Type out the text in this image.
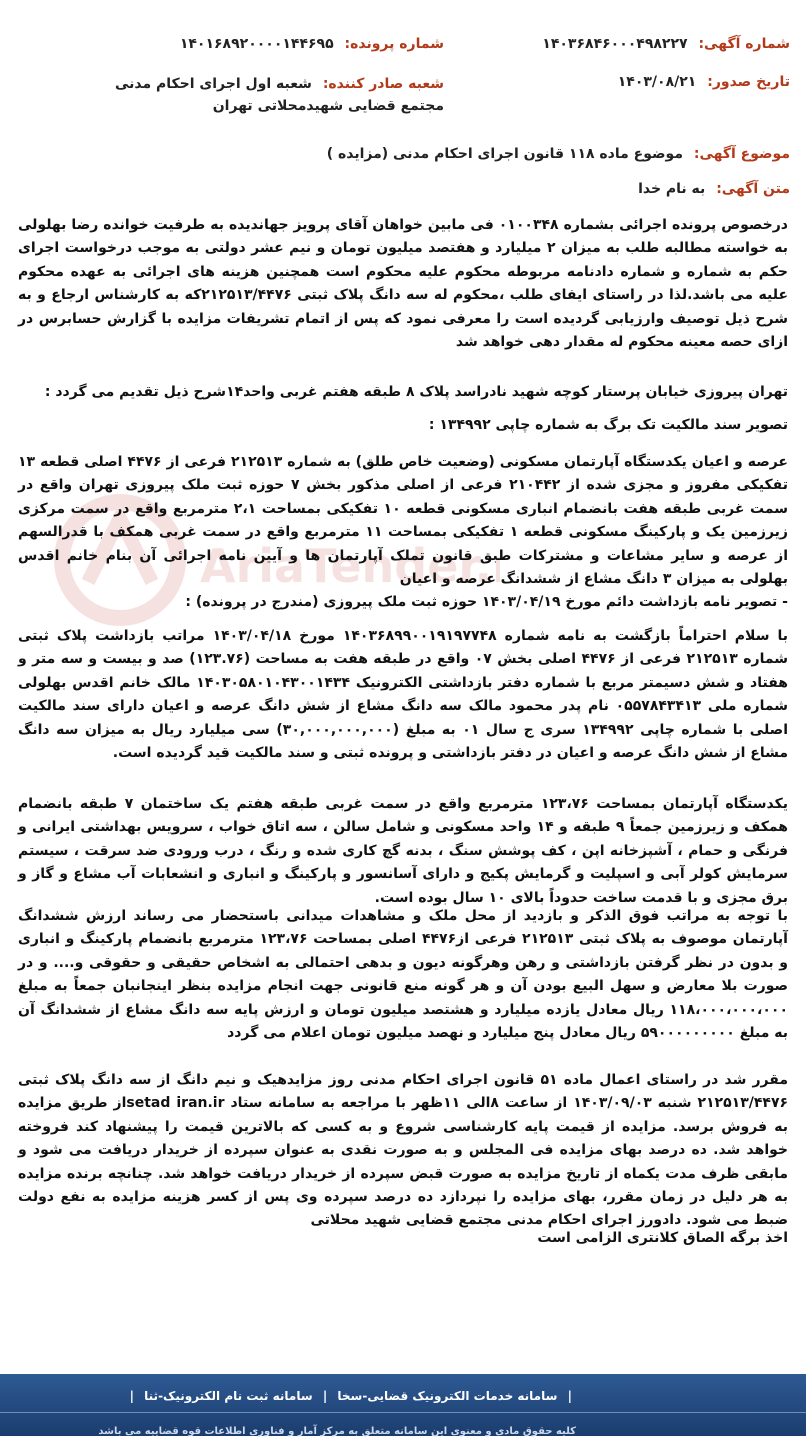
AriaTender.
شماره آگهی: ۱۴۰۳۶۸۴۶۰۰۰۴۹۸۲۲۷
شماره پرونده: ۱۴۰۱۶۸۹۲۰۰۰۰۱۴۴۶۹۵
تاریخ صدور: ۱۴۰۳/۰۸/۲۱
شعبه صادر کننده: شعبه اول اجرای احکام مدنی مجتمع قضایی شهیدمحلاتی تهران
موضوع آگهی: موضوع ماده ۱۱۸ قانون اجرای احکام مدنی (مزایده )
متن آگهی: به نام خدا
درخصوص پرونده اجرائی بشماره ۰۱۰۰۳۴۸ فی مابین خواهان آقای پرویز جهاندیده به طرفیت خوانده رضا بهلولی به خواسته مطالبه طلب به میزان ۲ میلیارد و هفتصد میلیون تومان و نیم عشر دولتی به موجب درخواست اجرای حکم به شماره و شماره دادنامه مربوطه محکوم علیه محکوم است همچنین هزینه های اجرائی به عهده محکوم علیه می باشد.لذا در راستای ایفای طلب ،محکوم له سه دانگ پلاک ثبتی ۲۱۲۵۱۳/۴۴۷۶که به کارشناس ارجاع و به شرح ذیل توصیف وارزیابی گردیده است را معرفی نمود که پس از اتمام تشریفات مزایده با گزارش حسابرس در ازای حصه معینه محکوم له مقدار دهی خواهد شد
تهران پیروزی خیابان پرستار کوچه شهید نادراسد پلاک ۸ طبقه هفتم غربی واحد۱۴شرح ذیل تقدیم می گردد :
تصویر سند مالکیت تک برگ به شماره چاپی ۱۳۴۹۹۲ :
عرصه و اعیان یکدستگاه آپارتمان مسکونی (وضعیت خاص طلق) به شماره ۲۱۲۵۱۳ فرعی از ۴۴۷۶ اصلی قطعه ۱۳ تفکیکی مفروز و مجزی شده از ۲۱۰۴۴۲ فرعی از اصلی مذکور بخش ۷ حوزه ثبت ملک پیروزی تهران واقع در سمت غربی طبقه هفت بانضمام انباری مسکونی قطعه ۱۰ تفکیکی بمساحت ۲،۱ مترمربع واقع در سمت مرکزی زیرزمین یک و پارکینگ مسکونی قطعه ۱ تفکیکی بمساحت ۱۱ مترمربع واقع در سمت غربی همکف با قدرالسهم از عرصه و سایر مشاعات و مشترکات طبق قانون تملک آپارتمان ها و آیین نامه اجرائی آن بنام خانم اقدس بهلولی به میزان ۳ دانگ مشاع از ششدانگ عرصه و اعیان
- تصویر نامه بازداشت دائم مورخ ۱۴۰۳/۰۴/۱۹ حوزه ثبت ملک پیروزی (مندرج در پرونده) :
با سلام احتراماً بازگشت به نامه شماره ۱۴۰۳۶۸۹۹۰۰۱۹۱۹۷۷۴۸ مورخ ۱۴۰۳/۰۴/۱۸ مراتب بازداشت پلاک ثبتی شماره ۲۱۲۵۱۳ فرعی از ۴۴۷۶ اصلی بخش ۰۷ واقع در طبقه هفت به مساحت (۱۲۳.۷۶) صد و بیست و سه متر و هفتاد و شش دسیمتر مربع با شماره دفتر بازداشتی الکترونیک ۱۴۰۳۰۵۸۰۱۰۴۳۰۰۱۴۳۴ مالک خانم اقدس بهلولی شماره ملی ۰۵۵۷۸۴۳۴۱۳ نام پدر محمود مالک سه دانگ مشاع از شش دانگ عرصه و اعیان دارای سند مالکیت اصلی با شماره چاپی ۱۳۴۹۹۲ سری ج سال ۰۱ به مبلغ (۳۰,۰۰۰,۰۰۰,۰۰۰) سی میلیارد ریال به میزان سه دانگ مشاع از شش دانگ عرصه و اعیان در دفتر بازداشتی و پرونده ثبتی و سند مالکیت قید گردیده است.
یکدستگاه آپارتمان بمساحت ۱۲۳،۷۶ مترمربع واقع در سمت غربی طبقه هفتم یک ساختمان ۷ طبقه بانضمام همکف و زیرزمین جمعاً ۹ طبقه و ۱۴ واحد مسکونی و شامل سالن ، سه اتاق خواب ، سرویس بهداشتی ایرانی و فرنگی و حمام ، آشپزخانه اپن ، کف پوشش سنگ ، بدنه گچ کاری شده و رنگ ، درب ورودی ضد سرقت ، سیستم سرمایش کولر آبی و اسپلیت و گرمایش پکیج و دارای آسانسور و پارکینگ و انباری و انشعابات آب مشاع و گاز و برق مجزی و با قدمت ساخت حدوداً بالای ۱۰ سال بوده است.
با توجه به مراتب فوق الذکر و بازدید از محل ملک و مشاهدات میدانی باستحضار می رساند ارزش ششدانگ آپارتمان موصوف به پلاک ثبتی ۲۱۲۵۱۳ فرعی از۴۴۷۶ اصلی بمساحت ۱۲۳،۷۶ مترمربع بانضمام پارکینگ و انباری و بدون در نظر گرفتن بازداشتی و رهن وهرگونه دیون و بدهی احتمالی به اشخاص حقیقی و حقوقی و.... و در صورت بلا معارض و سهل البیع بودن آن و هر گونه منع قانونی جهت انجام مزایده بنظر اینجانبان جمعاً به مبلغ ۱۱۸،۰۰۰،۰۰۰،۰۰۰ ریال معادل یازده میلیارد و هشتصد میلیون تومان و ارزش پایه سه دانگ مشاع از ششدانگ آن به مبلغ ۵۹۰۰۰۰۰۰۰۰۰ ریال معادل پنج میلیارد و نهصد میلیون تومان اعلام می گردد
مقرر شد در راستای اعمال ماده ۵۱ قانون اجرای احکام مدنی روز مزایدهیک و نیم دانگ از سه دانگ پلاک ثبتی ۲۱۲۵۱۳/۴۴۷۶ شنبه ۱۴۰۳/۰۹/۰۳ از ساعت ۸الی ۱۱ظهر با مراجعه به سامانه ستاد setad iran.irاز طریق مزایده به فروش برسد. مزایده از قیمت پایه کارشناسی شروع و به کسی که بالاترین قیمت را پیشنهاد کند فروخته خواهد شد. ده درصد بهای مزایده فی المجلس و به صورت نقدی به عنوان سپرده از خریدار دریافت می شود و مابقی ظرف مدت یکماه از تاریخ مزایده به صورت قبض سپرده از خریدار دریافت خواهد شد. چنانچه برنده مزایده به هر دلیل در زمان مقرر، بهای مزایده را نپردازد ده درصد سپرده وی پس از کسر هزینه مزایده به نفع دولت ضبط می شود. دادورز اجرای احکام مدنی مجتمع قضایی شهید محلاتی
اخذ برگه الصاق کلانتری الزامی است
| سامانه خدمات الکترونیک قضایی-سخا | سامانه ثبت نام الکترونیک-ثنا |
کلیه حقوق مادی و معنوی این سامانه متعلق به مرکز آمار و فناوری اطلاعات قوه قضاییه می باشد
